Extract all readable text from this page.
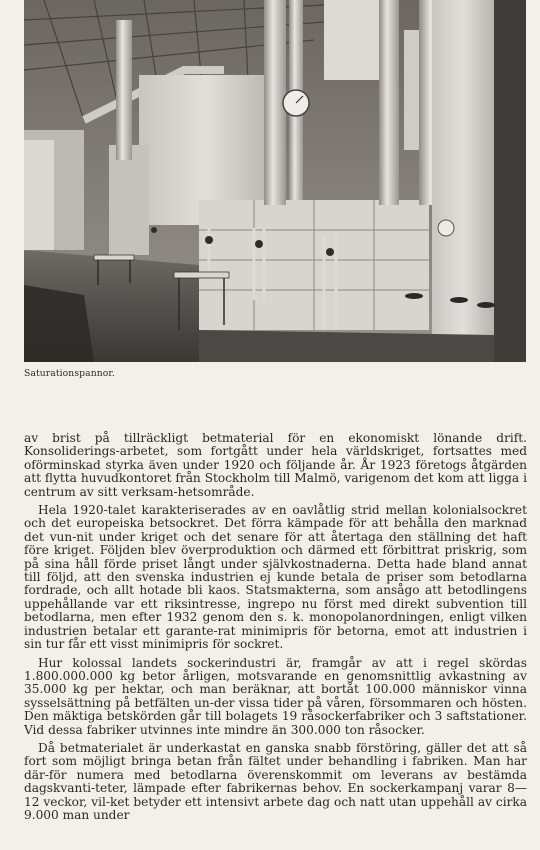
Saturationspannor.

av brist på tillräckligt betmaterial för en ekonomiskt lönande drift. Konsoliderings-arbetet, som fortgått under hela världskriget, fortsattes med oförminskad styrka även under 1920 och följande år. År 1923 företogs åtgärden att flytta huvudkontoret från Stockholm till Malmö, varigenom det kom att ligga i centrum av sitt verksam-hetsområde.

Hela 1920-talet karakteriserades av en oavlåtlig strid mellan kolonialsockret och det europeiska betsockret. Det förra kämpade för att behålla den marknad det vun-nit under kriget och det senare för att återtaga den ställning det haft före kriget. Följden blev överproduktion och därmed ett förbittrat priskrig, som på sina håll förde priset långt under självkostnaderna. Detta hade bland annat till följd, att den svenska industrien ej kunde betala de priser som betodlarna fordrade, och allt hotade bli kaos. Statsmakterna, som ansågo att betodlingens uppehållande var ett riksintresse, ingrepo nu först med direkt subvention till betodlarna, men efter 1932 genom den s. k. monopolanordningen, enligt vilken industrien betalar ett garante-rat minimipris för betorna, emot att industrien i sin tur får ett visst minimipris för sockret.

Hur kolossal landets sockerindustri är, framgår av att i regel skördas 1.800.000.000 kg betor årligen, motsvarande en genomsnittlig avkastning av 35.000 kg per hektar, och man beräknar, att bortåt 100.000 människor vinna sysselsättning på betfälten un-der vissa tider på våren, försommaren och hösten. Den mäktiga betskörden går till bolagets 19 råsockerfabriker och 3 saftstationer. Vid dessa fabriker utvinnes inte mindre än 300.000 ton råsocker.

Då betmaterialet är underkastat en ganska snabb förstöring, gäller det att så fort som möjligt bringa betan från fältet under behandling i fabriken. Man har där-för numera med betodlarna överenskommit om leverans av bestämda dagskvanti-teter, lämpade efter fabrikernas behov. En sockerkampanj varar 8—12 veckor, vil-ket betyder ett intensivt arbete dag och natt utan uppehåll av cirka 9.000 man under
